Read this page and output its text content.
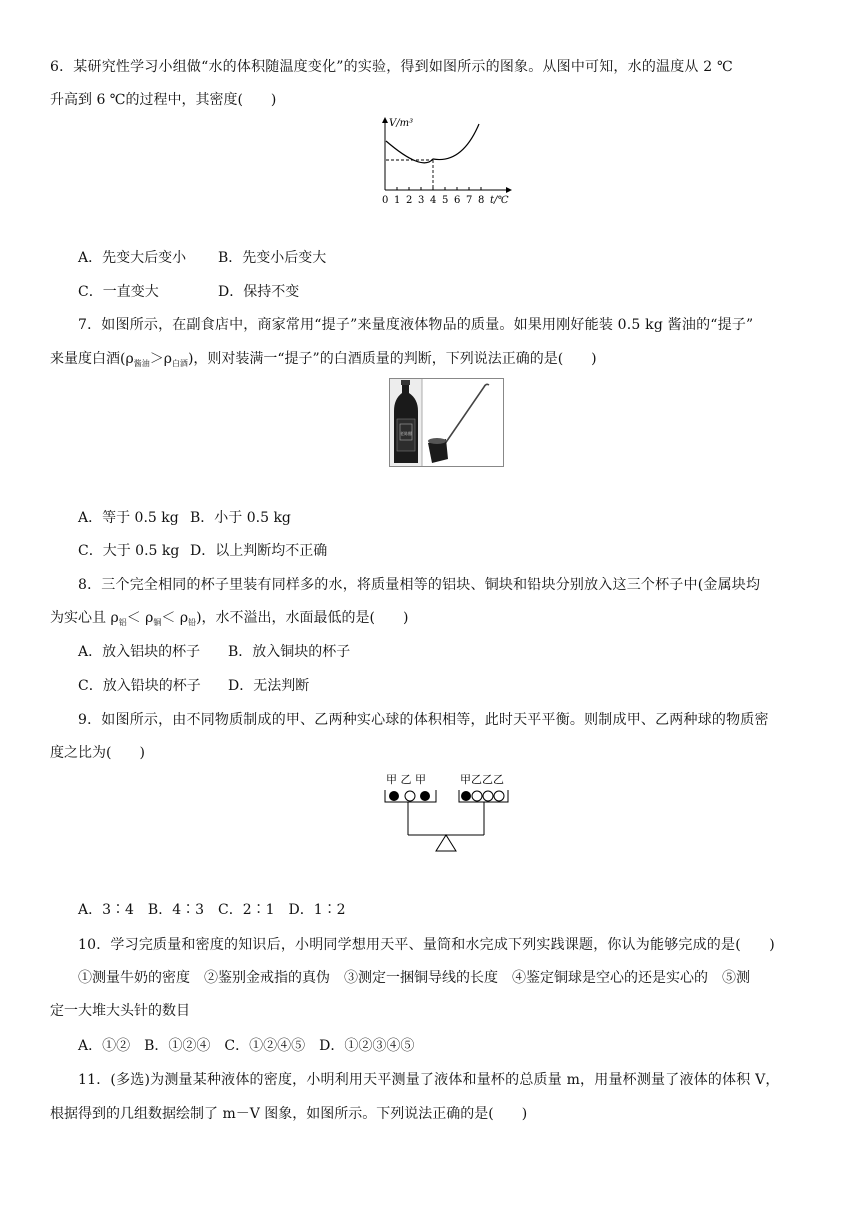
6．某研究性学习小组做“水的体积随温度变化”的实验，得到如图所示的图象。从图中可知，水的温度从 2 ℃
升高到 6 ℃的过程中，其密度(　　)
V/m³
0 1 2 3 4 5 6 7 8 t/℃
A．先变大后变小 B．先变小后变大
C．一直变大	D．保持不变
7．如图所示，在副食店中，商家常用“提子”来量度液体物品的质量。如果用刚好能装 0.5 kg 酱油的“提子”
来量度白酒$(\rho_{酱油}>\rho_{白酒})$，则对装满一“提子”的白酒质量的判断，下列说法正确的是(　　)
老陈醋
A．等于 0.5 kg B．小于 0.5 kg
C．大于 0.5 kg D．以上判断均不正确
8．三个完全相同的杯子里装有同样多的水，将质量相等的铝块、铜块和铅块分别放入这三个杯子中(金属块均
为实心且 $\rho_铝< \rho_铜< \rho_铅$)，水不溢出，水面最低的是(　　)
A．放入铝块的杯子 B．放入铜块的杯子
C．放入铅块的杯子 D．无法判断
9．如图所示，由不同物质制成的甲、乙两种实心球的体积相等，此时天平平衡。则制成甲、乙两种球的物质密
度之比为(　　)
甲 乙 甲	甲乙乙乙
A．3∶4　B．4∶3　C．2∶1　D．1∶2
10．学习完质量和密度的知识后，小明同学想用天平、量筒和水完成下列实践课题，你认为能够完成的是(　　)
①测量牛奶的密度　②鉴别金戒指的真伪　③测定一捆铜导线的长度　④鉴定铜球是空心的还是实心的　⑤测
定一大堆大头针的数目
A．①②　B．①②④　C．①②④⑤　D．①②③④⑤
11．(多选)为测量某种液体的密度，小明利用天平测量了液体和量杯的总质量 m，用量杯测量了液体的体积 V，
根据得到的几组数据绘制了 m－V 图象，如图所示。下列说法正确的是(　　)
